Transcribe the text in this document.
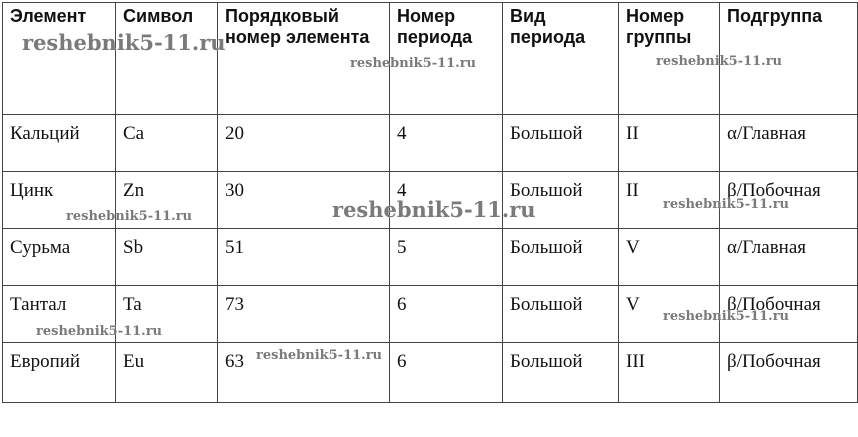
Элемент	Символ	Порядковый номер элемента	Номер периода	Вид периода	Номер группы	Подгруппа
Кальций	Ca	20	4	Большой	II	α/Главная
Цинк	Zn	30	4	Большой	II	β/Побочная
Сурьма	Sb	51	5	Большой	V	α/Главная
Тантал	Ta	73	6	Большой	V	β/Побочная
Европий	Eu	63	6	Большой	III	β/Побочная
reshebnik5-11.ru
reshebnik5-11.ru	reshebnik5-11.ru
reshebnik5-11.ru	reshebnik5-11.ru	reshebnik5-11.ru
reshebnik5-11.ru
reshebnik5-11.ru
reshebnik5-11.ru
